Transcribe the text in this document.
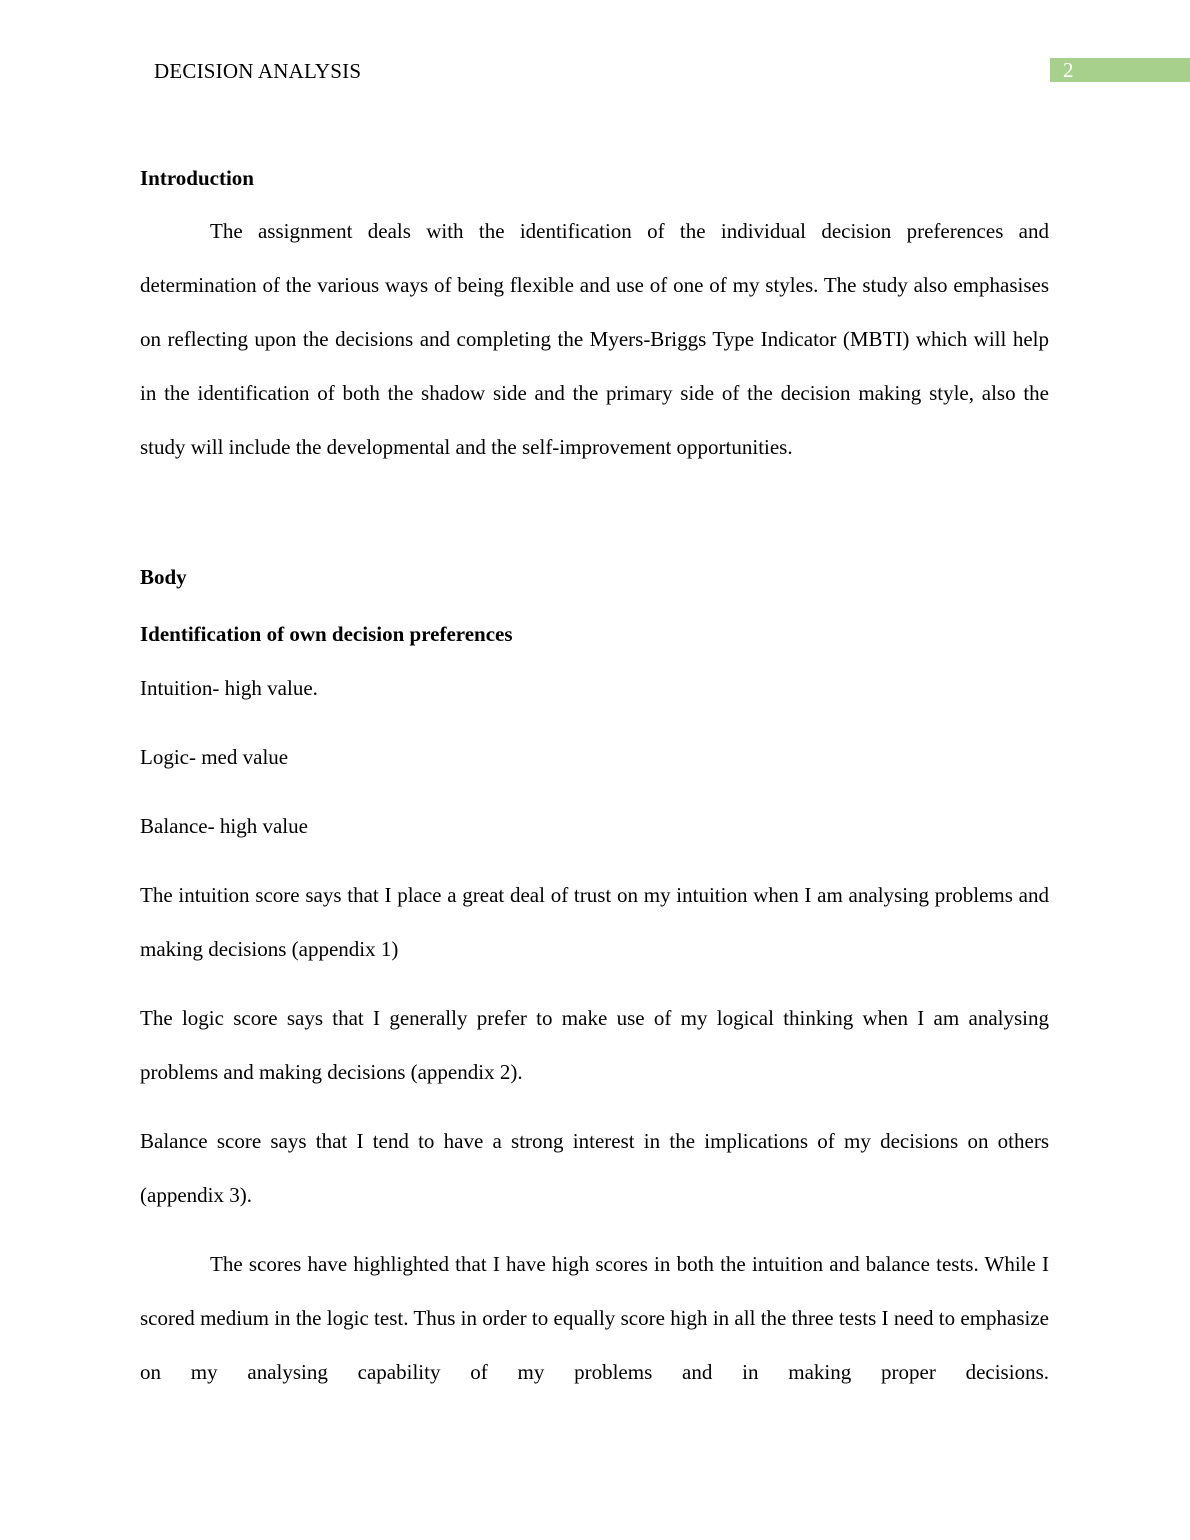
DECISION ANALYSIS	2
Introduction

The assignment deals with the identification of the individual decision preferences and determination of the various ways of being flexible and use of one of my styles. The study also emphasises on reflecting upon the decisions and completing the Myers-Briggs Type Indicator (MBTI) which will help in the identification of both the shadow side and the primary side of the decision making style, also the study will include the developmental and the self-improvement opportunities.

Body
Identification of own decision preferences
Intuition- high value.
Logic- med value
Balance- high value

The intuition score says that I place a great deal of trust on my intuition when I am analysing problems and making decisions (appendix 1)

The logic score says that I generally prefer to make use of my logical thinking when I am analysing problems and making decisions (appendix 2).

Balance score says that I tend to have a strong interest in the implications of my decisions on others (appendix 3).

The scores have highlighted that I have high scores in both the intuition and balance tests. While I scored medium in the logic test. Thus in order to equally score high in all the three tests I need to emphasize on my analysing capability of my problems and in making proper decisions.
